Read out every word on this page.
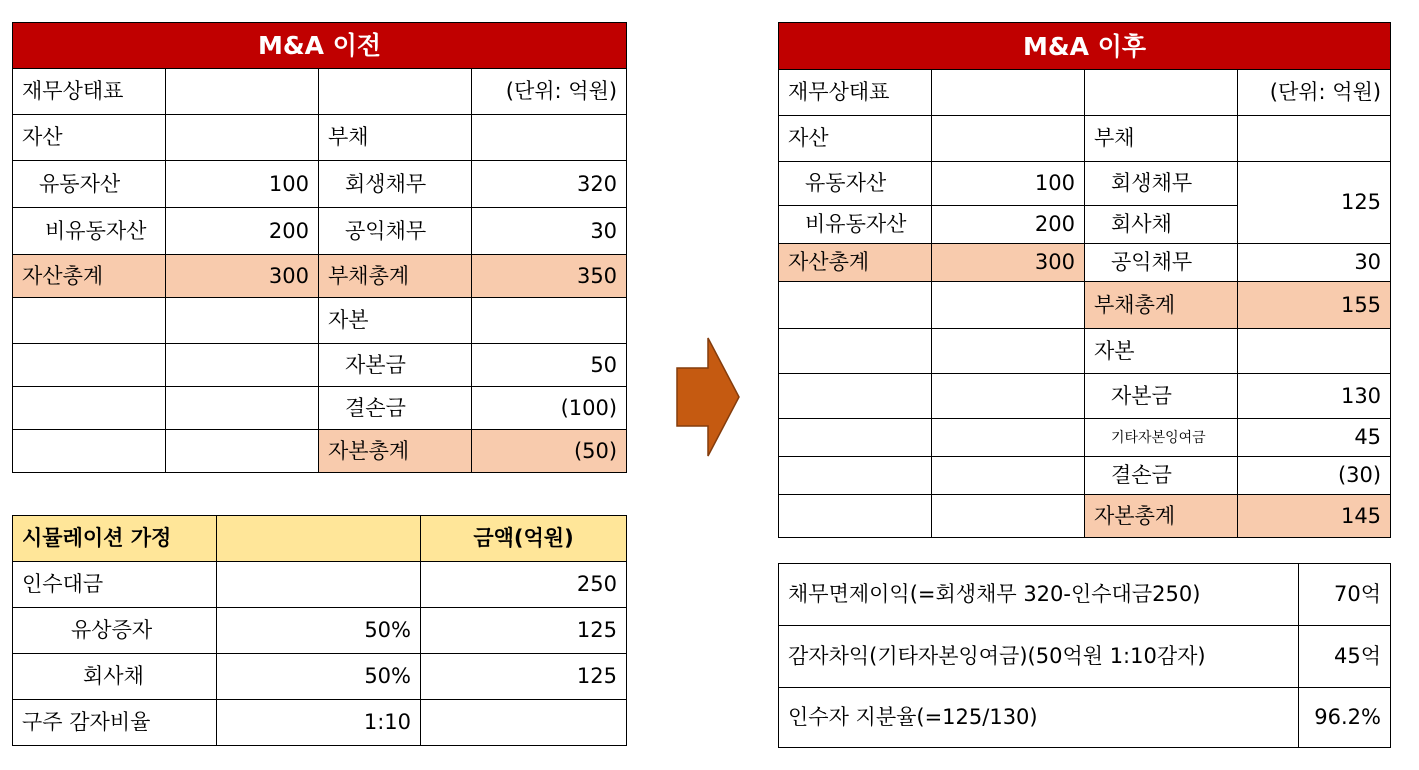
M&A 이전			
재무상태표			(단위: 억원)
자산		부채	
유동자산	100	회생채무	320
비유동자산	200	공익채무	30
자산총계	300	부채총계	350
		자본	
		자본금	50
		결손금	(100)
		자본총계	(50)
M&A 이후			
재무상태표			(단위: 억원)
자산		부채	
유동자산	100	회생채무	125
비유동자산	200	회사채	
자산총계	300	공익채무	30
		부채총계	155
		자본	
		자본금	130
		기타자본잉여금	45
		결손금	(30)
		자본총계	145
시뮬레이션 가정		금액(억원)
인수대금		250
유상증자	50%	125
회사채	50%	125
구주 감자비율	1:10	
채무면제이익(=회생채무 320-인수대금250)	70억
감자차익(기타자본잉여금)(50억원 1:10감자)	45억
인수자 지분율(=125/130)	96.2%
